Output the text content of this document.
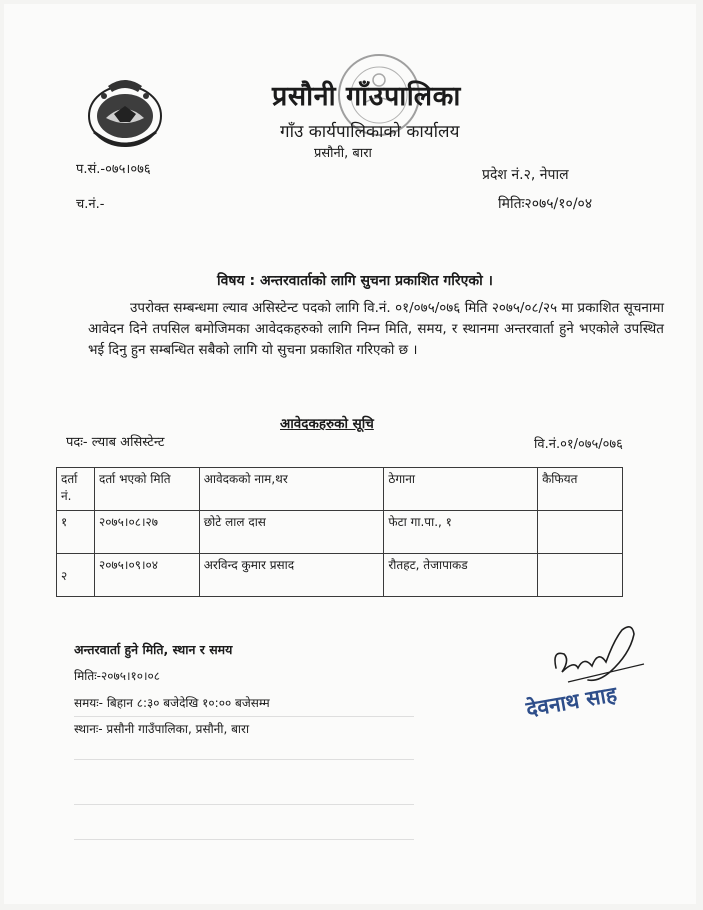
प्रसौनी गाँउपालिका
गाँउ कार्यपालिकाको कार्यालय
प्रसौनी, बारा
प.सं.-०७५।०७६
च.नं.-
प्रदेश नं.२, नेपाल
मितिः२०७५/१०/०४
विषय : अन्तरवार्ताको लागि सुचना प्रकाशित गरिएको ।
उपरोक्त सम्बन्धमा ल्याव असिस्टेन्ट पदको लागि वि.नं. ०१/०७५/०७६ मिति २०७५/०८/२५ मा प्रकाशित सूचनामा आवेदन दिने तपसिल बमोजिमका आवेदकहरुको लागि निम्न मिति, समय, र स्थानमा अन्तरवार्ता हुने भएकोले उपस्थित भई दिनु हुन सम्बन्धित सबैको लागि यो सुचना प्रकाशित गरिएको छ ।
आवेदकहरुको सूचि
पदः- ल्याब असिस्टेन्ट	वि.नं.०१/०७५/०७६
दर्ता नं.	दर्ता भएको मिति	आवेदकको नाम,थर	ठेगाना	कैफियत
१	२०७५।०८।२७	छोटे लाल दास	फेटा गा.पा., १	
२	२०७५।०९।०४	अरविन्द कुमार प्रसाद	रौतहट, तेजापाकड	
अन्तरवार्ता हुने मिति, स्थान र समय
मितिः-२०७५।१०।०८
समयः- बिहान ८:३० बजेदेखि १०:०० बजेसम्म
स्थानः- प्रसौनी गाउँपालिका, प्रसौनी, बारा
देवनाथ साह
